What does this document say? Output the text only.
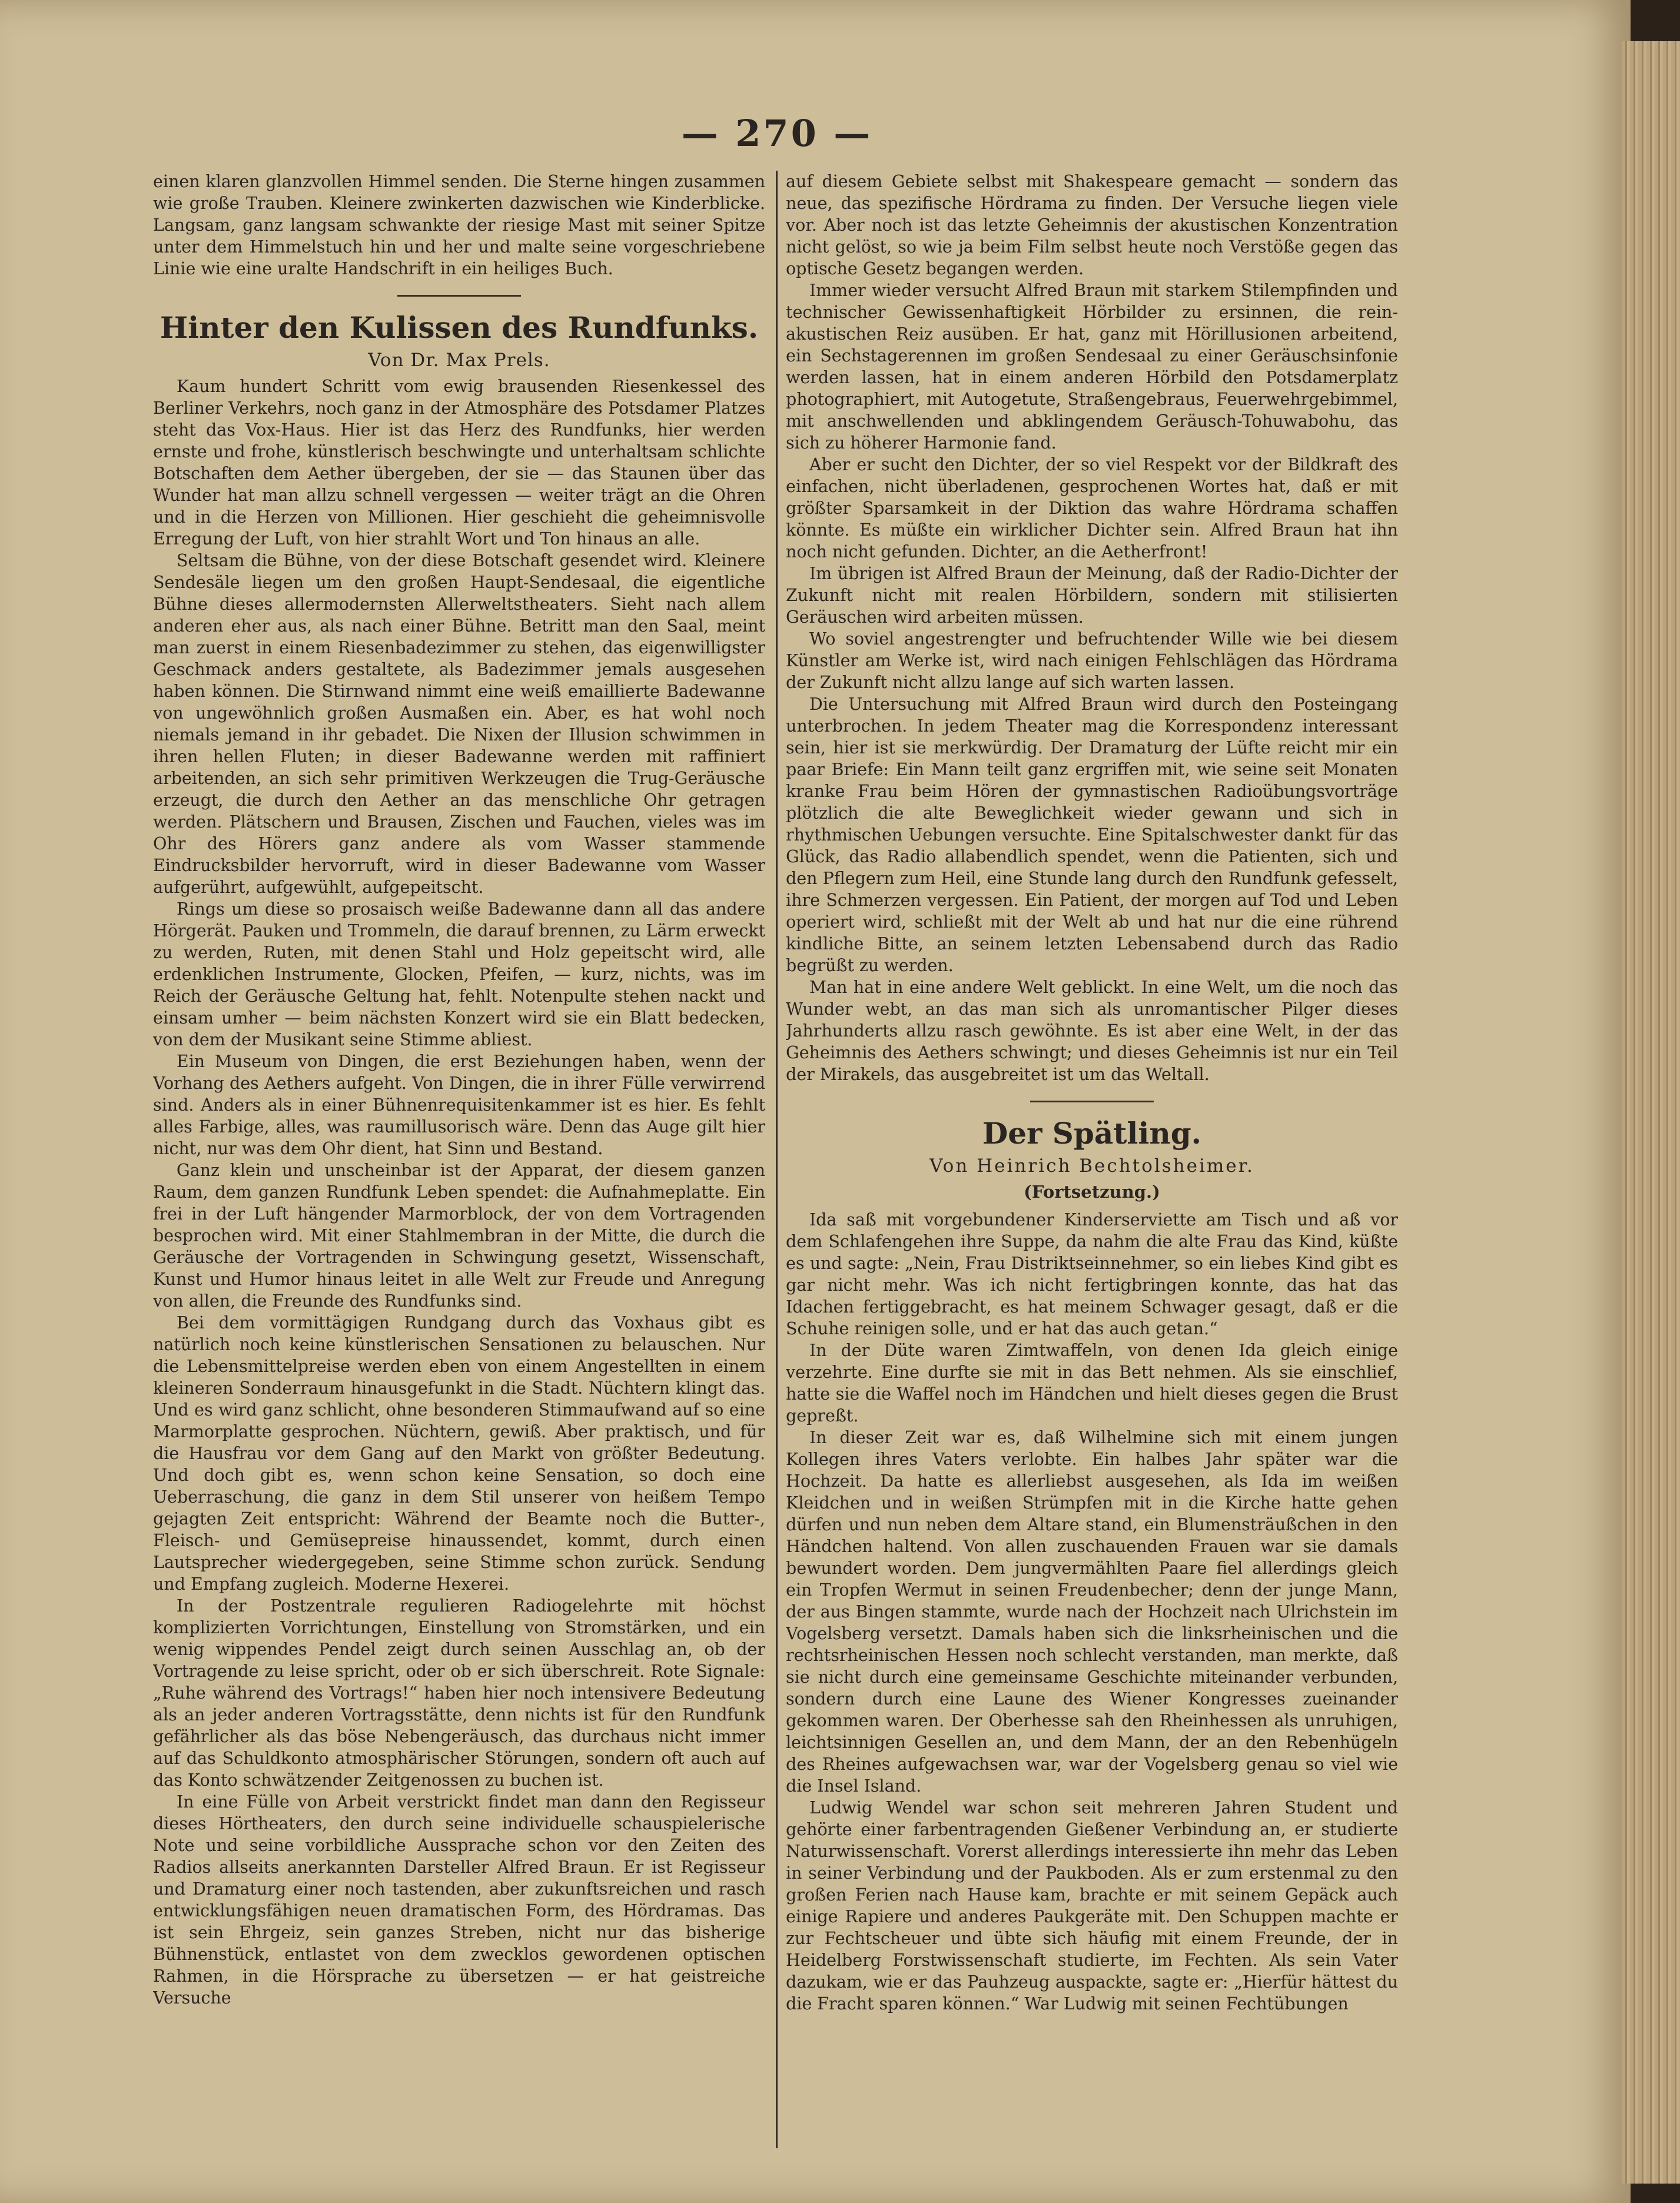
— 270 —

einen klaren glanzvollen Himmel senden. Die Sterne hingen zusammen wie große Trauben. Kleinere zwinkerten dazwischen wie Kinderblicke. Langsam, ganz langsam schwankte der riesige Mast mit seiner Spitze unter dem Himmelstuch hin und her und malte seine vorgeschriebene Linie wie eine uralte Handschrift in ein heiliges Buch.

Hinter den Kulissen des Rundfunks.
Von Dr. Max Prels.

Kaum hundert Schritt vom ewig brausenden Riesenkessel des Berliner Verkehrs, noch ganz in der Atmosphäre des Potsdamer Platzes steht das Vox-Haus. Hier ist das Herz des Rundfunks, hier werden ernste und frohe, künstlerisch beschwingte und unterhaltsam schlichte Botschaften dem Aether übergeben, der sie — das Staunen über das Wunder hat man allzu schnell vergessen — weiter trägt an die Ohren und in die Herzen von Millionen. Hier geschieht die geheimnisvolle Erregung der Luft, von hier strahlt Wort und Ton hinaus an alle.

Seltsam die Bühne, von der diese Botschaft gesendet wird. Kleinere Sendesäle liegen um den großen Haupt-Sendesaal, die eigentliche Bühne dieses allermodernsten Allerweltstheaters. Sieht nach allem anderen eher aus, als nach einer Bühne. Betritt man den Saal, meint man zuerst in einem Riesenbadezimmer zu stehen, das eigenwilligster Geschmack anders gestaltete, als Badezimmer jemals ausgesehen haben können. Die Stirnwand nimmt eine weiß emaillierte Badewanne von ungewöhnlich großen Ausmaßen ein. Aber, es hat wohl noch niemals jemand in ihr gebadet. Die Nixen der Illusion schwimmen in ihren hellen Fluten; in dieser Badewanne werden mit raffiniert arbeitenden, an sich sehr primitiven Werkzeugen die Trug-Geräusche erzeugt, die durch den Aether an das menschliche Ohr getragen werden. Plätschern und Brausen, Zischen und Fauchen, vieles was im Ohr des Hörers ganz andere als vom Wasser stammende Eindrucksbilder hervorruft, wird in dieser Badewanne vom Wasser aufgerührt, aufgewühlt, aufgepeitscht.

Rings um diese so prosaisch weiße Badewanne dann all das andere Hörgerät. Pauken und Trommeln, die darauf brennen, zu Lärm erweckt zu werden, Ruten, mit denen Stahl und Holz gepeitscht wird, alle erdenklichen Instrumente, Glocken, Pfeifen, — kurz, nichts, was im Reich der Geräusche Geltung hat, fehlt. Notenpulte stehen nackt und einsam umher — beim nächsten Konzert wird sie ein Blatt bedecken, von dem der Musikant seine Stimme abliest.

Ein Museum von Dingen, die erst Beziehungen haben, wenn der Vorhang des Aethers aufgeht. Von Dingen, die in ihrer Fülle verwirrend sind. Anders als in einer Bühnenrequisitenkammer ist es hier. Es fehlt alles Farbige, alles, was raumillusorisch wäre. Denn das Auge gilt hier nicht, nur was dem Ohr dient, hat Sinn und Bestand.

Ganz klein und unscheinbar ist der Apparat, der diesem ganzen Raum, dem ganzen Rundfunk Leben spendet: die Aufnahmeplatte. Ein frei in der Luft hängender Marmorblock, der von dem Vortragenden besprochen wird. Mit einer Stahlmembran in der Mitte, die durch die Geräusche der Vortragenden in Schwingung gesetzt, Wissenschaft, Kunst und Humor hinaus leitet in alle Welt zur Freude und Anregung von allen, die Freunde des Rundfunks sind.

Bei dem vormittägigen Rundgang durch das Voxhaus gibt es natürlich noch keine künstlerischen Sensationen zu belauschen. Nur die Lebensmittelpreise werden eben von einem Angestellten in einem kleineren Sonderraum hinausgefunkt in die Stadt. Nüchtern klingt das. Und es wird ganz schlicht, ohne besonderen Stimmaufwand auf so eine Marmorplatte gesprochen. Nüchtern, gewiß. Aber praktisch, und für die Hausfrau vor dem Gang auf den Markt von größter Bedeutung. Und doch gibt es, wenn schon keine Sensation, so doch eine Ueberraschung, die ganz in dem Stil unserer von heißem Tempo gejagten Zeit entspricht: Während der Beamte noch die Butter-, Fleisch- und Gemüsepreise hinaussendet, kommt, durch einen Lautsprecher wiedergegeben, seine Stimme schon zurück. Sendung und Empfang zugleich. Moderne Hexerei.

In der Postzentrale regulieren Radiogelehrte mit höchst komplizierten Vorrichtungen, Einstellung von Stromstärken, und ein wenig wippendes Pendel zeigt durch seinen Ausschlag an, ob der Vortragende zu leise spricht, oder ob er sich überschreit. Rote Signale: „Ruhe während des Vortrags!“ haben hier noch intensivere Bedeutung als an jeder anderen Vortragsstätte, denn nichts ist für den Rundfunk gefährlicher als das böse Nebengeräusch, das durchaus nicht immer auf das Schuldkonto atmosphärischer Störungen, sondern oft auch auf das Konto schwätzender Zeitgenossen zu buchen ist.

In eine Fülle von Arbeit verstrickt findet man dann den Regisseur dieses Hörtheaters, den durch seine individuelle schauspielerische Note und seine vorbildliche Aussprache schon vor den Zeiten des Radios allseits anerkannten Darsteller Alfred Braun. Er ist Regisseur und Dramaturg einer noch tastenden, aber zukunftsreichen und rasch entwicklungsfähigen neuen dramatischen Form, des Hördramas. Das ist sein Ehrgeiz, sein ganzes Streben, nicht nur das bisherige Bühnenstück, entlastet von dem zwecklos gewordenen optischen Rahmen, in die Hörsprache zu übersetzen — er hat geistreiche Versuche

auf diesem Gebiete selbst mit Shakespeare gemacht — sondern das neue, das spezifische Hördrama zu finden. Der Versuche liegen viele vor. Aber noch ist das letzte Geheimnis der akustischen Konzentration nicht gelöst, so wie ja beim Film selbst heute noch Verstöße gegen das optische Gesetz begangen werden.

Immer wieder versucht Alfred Braun mit starkem Stilempfinden und technischer Gewissenhaftigkeit Hörbilder zu ersinnen, die rein-akustischen Reiz ausüben. Er hat, ganz mit Hörillusionen arbeitend, ein Sechstagerennen im großen Sendesaal zu einer Geräuschsinfonie werden lassen, hat in einem anderen Hörbild den Potsdamerplatz photographiert, mit Autogetute, Straßengebraus, Feuerwehrgebimmel, mit anschwellenden und abklingendem Geräusch-Tohuwabohu, das sich zu höherer Harmonie fand.

Aber er sucht den Dichter, der so viel Respekt vor der Bildkraft des einfachen, nicht überladenen, gesprochenen Wortes hat, daß er mit größter Sparsamkeit in der Diktion das wahre Hördrama schaffen könnte. Es müßte ein wirklicher Dichter sein. Alfred Braun hat ihn noch nicht gefunden. Dichter, an die Aetherfront!

Im übrigen ist Alfred Braun der Meinung, daß der Radio-Dichter der Zukunft nicht mit realen Hörbildern, sondern mit stilisierten Geräuschen wird arbeiten müssen.

Wo soviel angestrengter und befruchtender Wille wie bei diesem Künstler am Werke ist, wird nach einigen Fehlschlägen das Hördrama der Zukunft nicht allzu lange auf sich warten lassen.

Die Untersuchung mit Alfred Braun wird durch den Posteingang unterbrochen. In jedem Theater mag die Korrespondenz interessant sein, hier ist sie merkwürdig. Der Dramaturg der Lüfte reicht mir ein paar Briefe: Ein Mann teilt ganz ergriffen mit, wie seine seit Monaten kranke Frau beim Hören der gymnastischen Radioübungsvorträge plötzlich die alte Beweglichkeit wieder gewann und sich in rhythmischen Uebungen versuchte. Eine Spitalschwester dankt für das Glück, das Radio allabendlich spendet, wenn die Patienten, sich und den Pflegern zum Heil, eine Stunde lang durch den Rundfunk gefesselt, ihre Schmerzen vergessen. Ein Patient, der morgen auf Tod und Leben operiert wird, schließt mit der Welt ab und hat nur die eine rührend kindliche Bitte, an seinem letzten Lebensabend durch das Radio begrüßt zu werden.

Man hat in eine andere Welt geblickt. In eine Welt, um die noch das Wunder webt, an das man sich als unromantischer Pilger dieses Jahrhunderts allzu rasch gewöhnte. Es ist aber eine Welt, in der das Geheimnis des Aethers schwingt; und dieses Geheimnis ist nur ein Teil der Mirakels, das ausgebreitet ist um das Weltall.

Der Spätling.
Von Heinrich Bechtolsheimer.
(Fortsetzung.)

Ida saß mit vorgebundener Kinderserviette am Tisch und aß vor dem Schlafengehen ihre Suppe, da nahm die alte Frau das Kind, küßte es und sagte: „Nein, Frau Distriktseinnehmer, so ein liebes Kind gibt es gar nicht mehr. Was ich nicht fertigbringen konnte, das hat das Idachen fertiggebracht, es hat meinem Schwager gesagt, daß er die Schuhe reinigen solle, und er hat das auch getan.“

In der Düte waren Zimtwaffeln, von denen Ida gleich einige verzehrte. Eine durfte sie mit in das Bett nehmen. Als sie einschlief, hatte sie die Waffel noch im Händchen und hielt dieses gegen die Brust gepreßt.

In dieser Zeit war es, daß Wilhelmine sich mit einem jungen Kollegen ihres Vaters verlobte. Ein halbes Jahr später war die Hochzeit. Da hatte es allerliebst ausgesehen, als Ida im weißen Kleidchen und in weißen Strümpfen mit in die Kirche hatte gehen dürfen und nun neben dem Altare stand, ein Blumensträußchen in den Händchen haltend. Von allen zuschauenden Frauen war sie damals bewundert worden. Dem jungvermählten Paare fiel allerdings gleich ein Tropfen Wermut in seinen Freudenbecher; denn der junge Mann, der aus Bingen stammte, wurde nach der Hochzeit nach Ulrichstein im Vogelsberg versetzt. Damals haben sich die linksrheinischen und die rechtsrheinischen Hessen noch schlecht verstanden, man merkte, daß sie nicht durch eine gemeinsame Geschichte miteinander verbunden, sondern durch eine Laune des Wiener Kongresses zueinander gekommen waren. Der Oberhesse sah den Rheinhessen als unruhigen, leichtsinnigen Gesellen an, und dem Mann, der an den Rebenhügeln des Rheines aufgewachsen war, war der Vogelsberg genau so viel wie die Insel Island.

Ludwig Wendel war schon seit mehreren Jahren Student und gehörte einer farbentragenden Gießener Verbindung an, er studierte Naturwissenschaft. Vorerst allerdings interessierte ihn mehr das Leben in seiner Verbindung und der Paukboden. Als er zum erstenmal zu den großen Ferien nach Hause kam, brachte er mit seinem Gepäck auch einige Rapiere und anderes Paukgeräte mit. Den Schuppen machte er zur Fechtscheuer und übte sich häufig mit einem Freunde, der in Heidelberg Forstwissenschaft studierte, im Fechten. Als sein Vater dazukam, wie er das Pauhzeug auspackte, sagte er: „Hierfür hättest du die Fracht sparen können.“ War Ludwig mit seinen Fechtübungen
